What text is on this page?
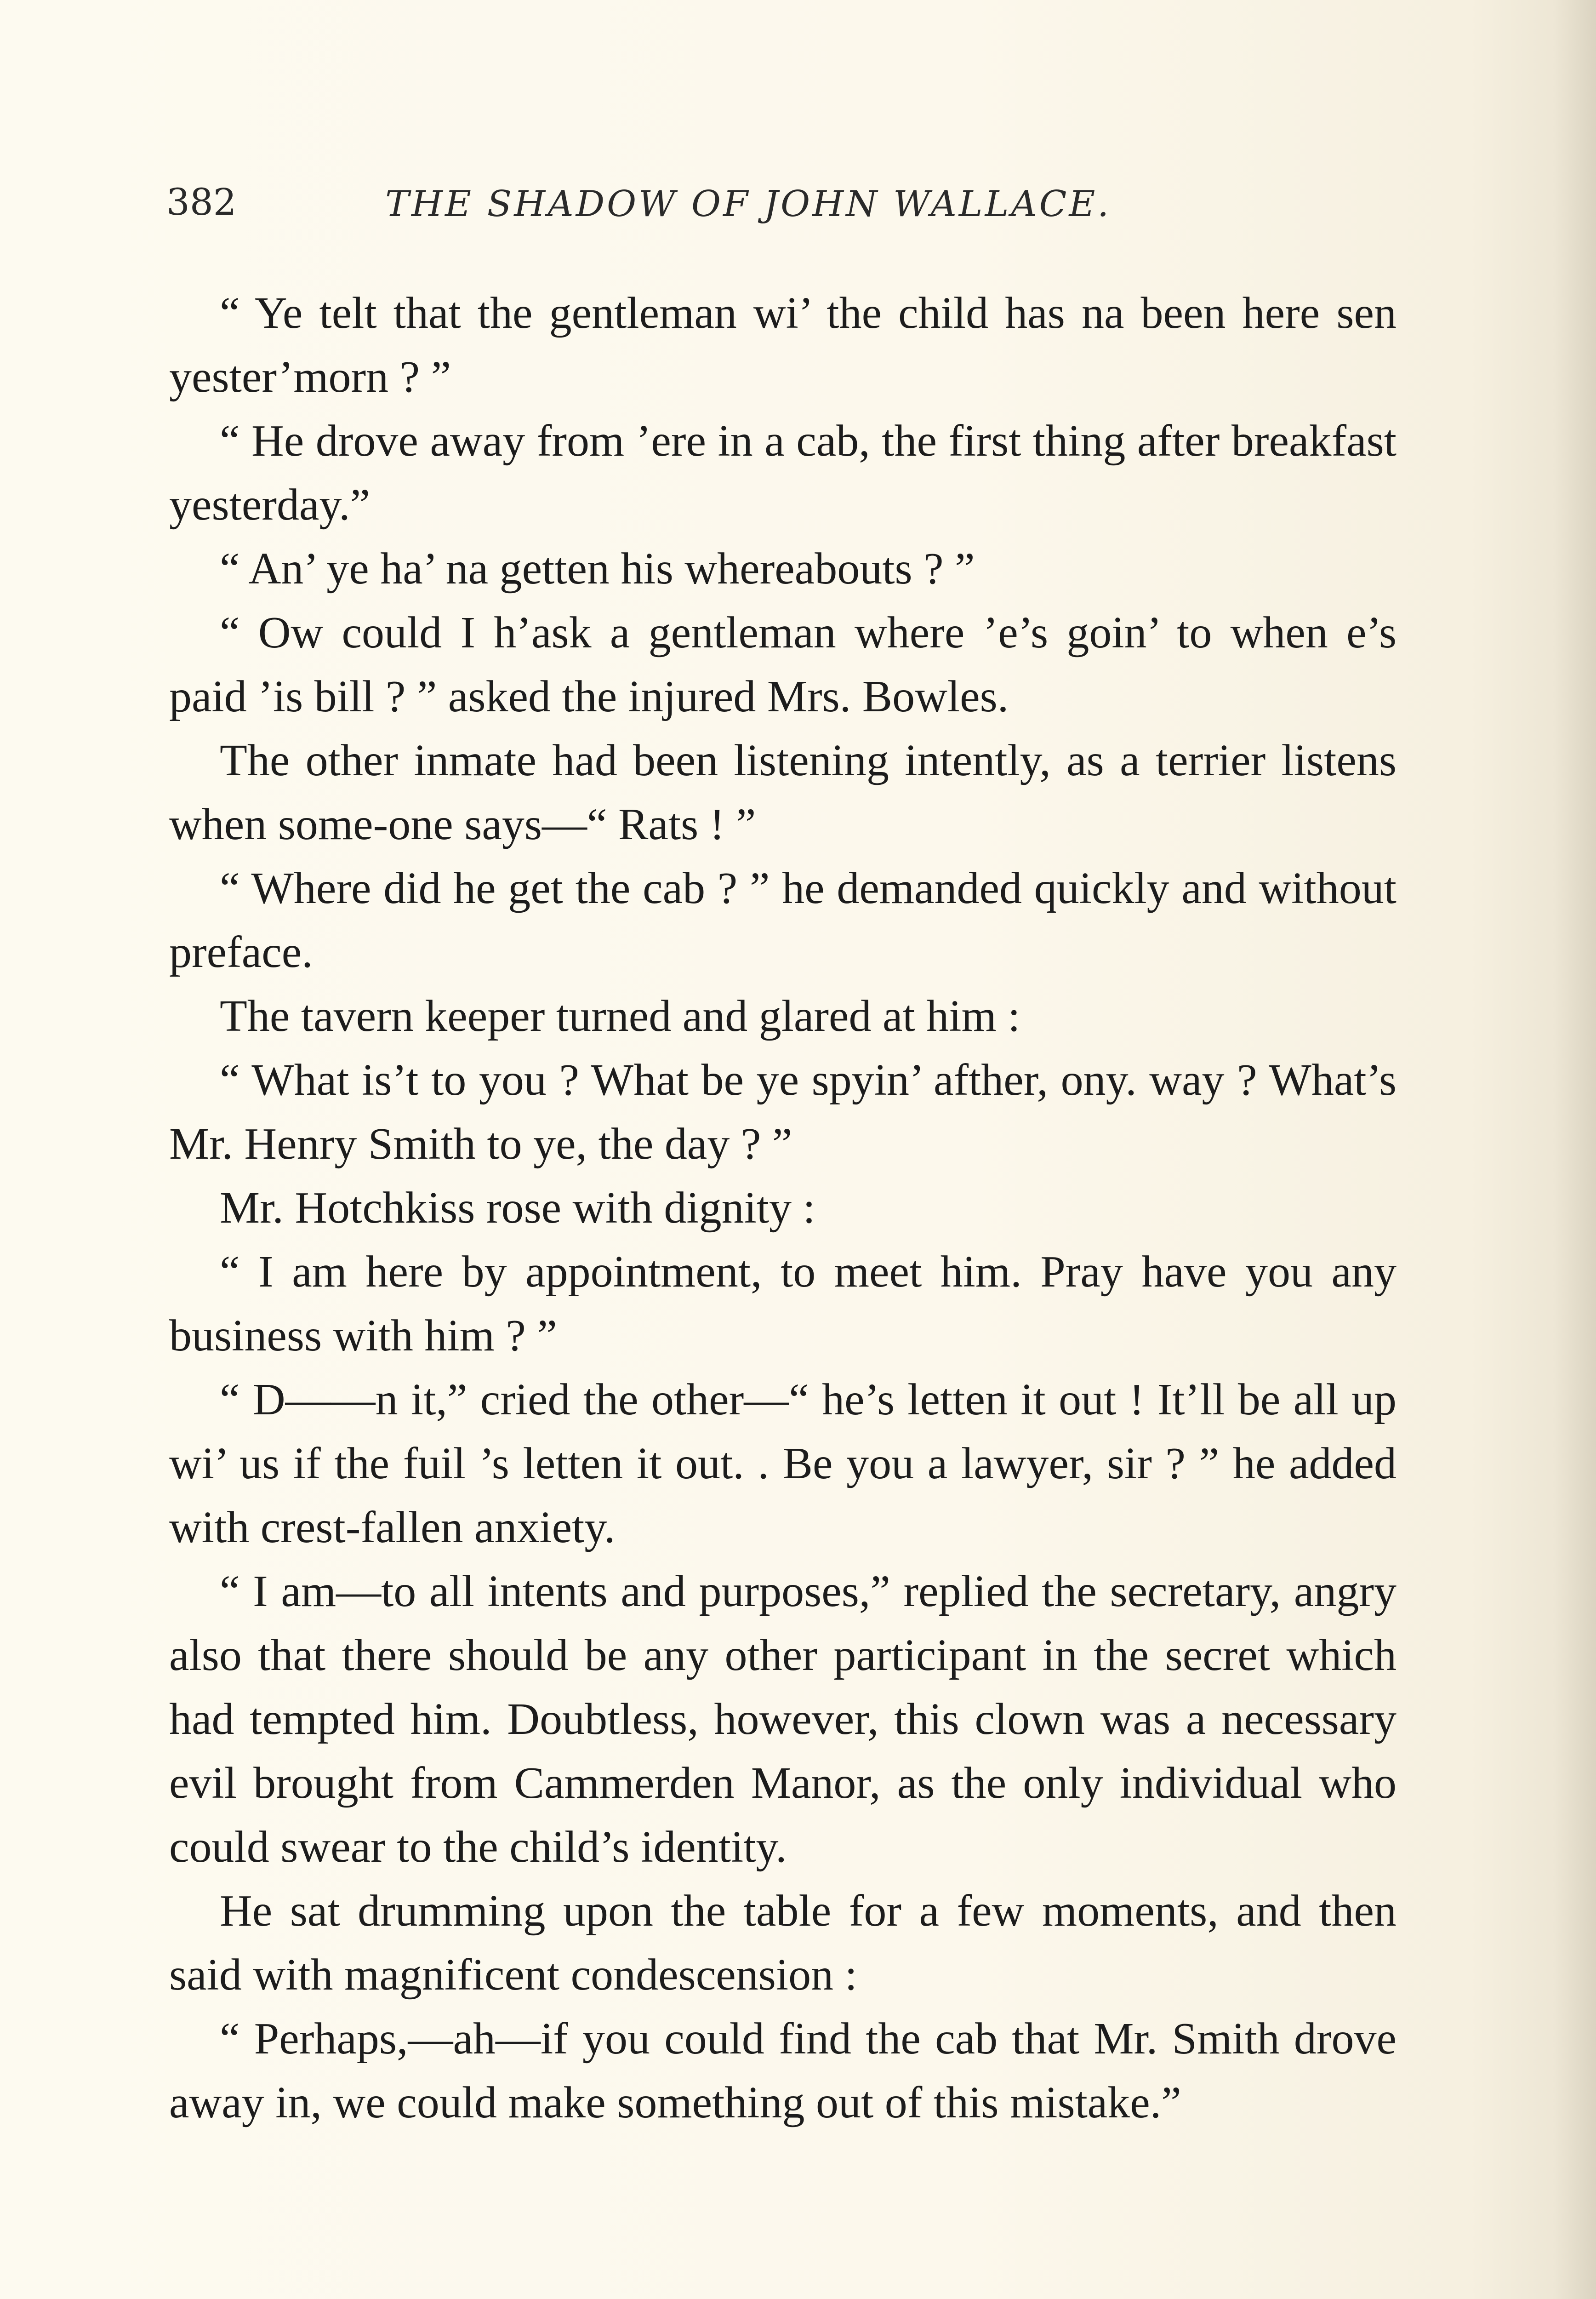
382	THE SHADOW OF JOHN WALLACE.

“ Ye telt that the gentleman wi’ the child has na been here sen yester’morn ? ”

“ He drove away from ’ere in a cab, the first thing after breakfast yesterday.”

“ An’ ye ha’ na getten his whereabouts ? ”

“ Ow could I h’ask a gentleman where ’e’s goin’ to when e’s paid ’is bill ? ” asked the injured Mrs. Bowles.

The other inmate had been listening intently, as a terrier listens when some-one says—“ Rats ! ”

“ Where did he get the cab ? ” he demanded quickly and without preface.

The tavern keeper turned and glared at him :

“ What is’t to you ? What be ye spyin’ afther, ony. way ? What’s Mr. Henry Smith to ye, the day ? ”

Mr. Hotchkiss rose with dignity :

“ I am here by appointment, to meet him. Pray have you any business with him ? ”

“ D——n it,” cried the other—“ he’s letten it out ! It’ll be all up wi’ us if the fuil ’s letten it out. . Be you a lawyer, sir ? ” he added with crest-fallen anxiety.

“ I am—to all intents and purposes,” replied the secretary, angry also that there should be any other participant in the secret which had tempted him. Doubtless, however, this clown was a necessary evil brought from Cammerden Manor, as the only individual who could swear to the child’s identity.

He sat drumming upon the table for a few moments, and then said with magnificent condescension :

“ Perhaps,—ah—if you could find the cab that Mr. Smith drove away in, we could make something out of this mistake.”
